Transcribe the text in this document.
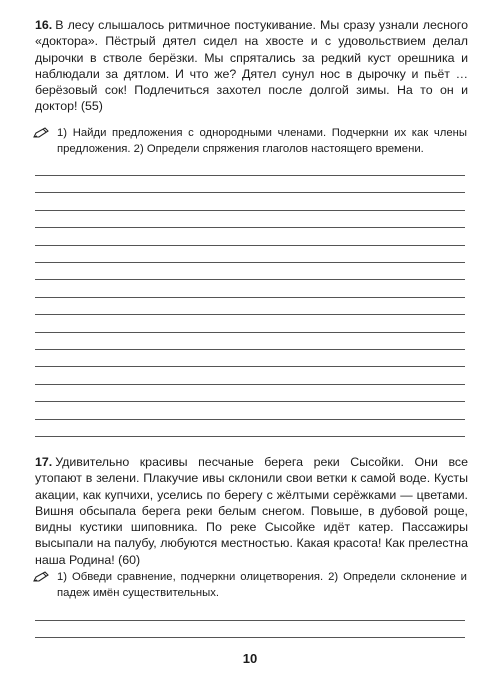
16. В лесу слышалось ритмичное постукивание. Мы сразу узнали лесного «доктора». Пёстрый дятел сидел на хвосте и с удовольствием делал дырочки в стволе берёзки. Мы спрятались за редкий куст орешника и наблюдали за дятлом. И что же? Дятел сунул нос в дырочку и пьёт … берёзовый сок! Подлечиться захотел после долгой зимы. На то он и доктор! (55)

1) Найди предложения с однородными членами. Подчеркни их как члены предложения. 2) Определи спряжения глаголов настоящего времени.

17. Удивительно красивы песчаные берега реки Сысойки. Они все утопают в зелени. Плакучие ивы склонили свои ветки к самой воде. Кусты акации, как купчихи, уселись по берегу с жёлтыми серёжками — цветами. Вишня обсыпала берега реки белым снегом. Повыше, в дубовой роще, видны кустики шиповника. По реке Сысойке идёт катер. Пассажиры высыпали на палубу, любуются местностью. Какая красота! Как прелестна наша Родина! (60)

1) Обведи сравнение, подчеркни олицетворения. 2) Определи склонение и падеж имён существительных.

10
